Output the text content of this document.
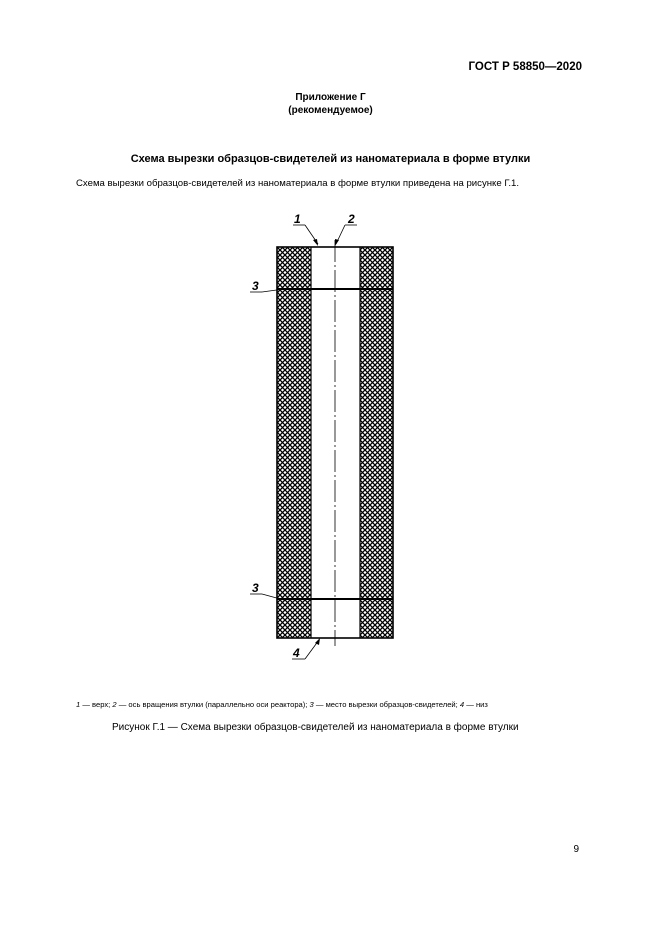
ГОСТ Р 58850—2020
Приложение Г
(рекомендуемое)
Схема вырезки образцов-свидетелей из наноматериала в форме втулки
Схема вырезки образцов-свидетелей из наноматериала в форме втулки приведена на рисунке Г.1.
1	2
3
3
4
1 — верх; 2 — ось вращения втулки (параллельно оси реактора); 3 — место вырезки образцов-свидетелей; 4 — низ
Рисунок Г.1 — Схема вырезки образцов-свидетелей из наноматериала в форме втулки
9
